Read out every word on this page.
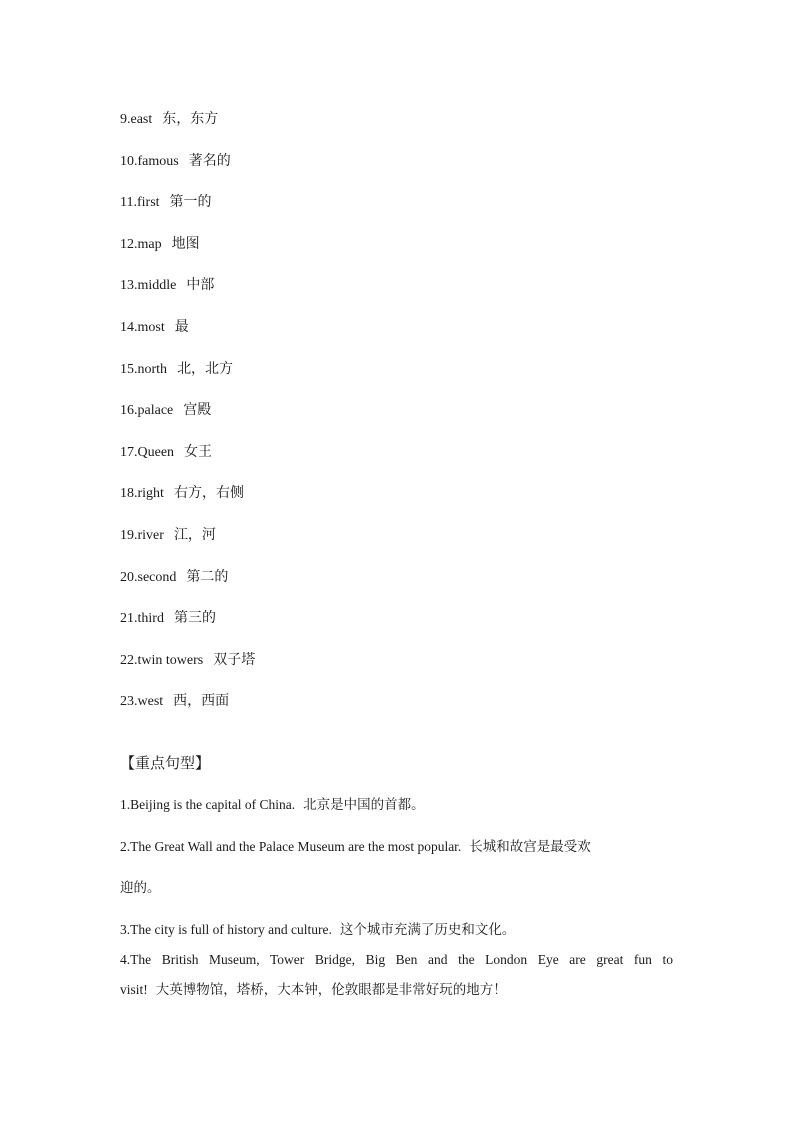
9.east 东，东方
10.famous 著名的
11.first 第一的
12.map 地图
13.middle 中部
14.most 最
15.north 北，北方
16.palace 宫殿
17.Queen 女王
18.right 右方，右侧
19.river 江，河
20.second 第二的
21.third 第三的
22.twin towers 双子塔
23.west 西，西面
【重点句型】
1.Beijing is the capital of China. 北京是中国的首都。
2.The Great Wall and the Palace Museum are the most popular. 长城和故宫是最受欢
迎的。
3.The city is full of history and culture. 这个城市充满了历史和文化。
4.The British Museum, Tower Bridge, Big Ben and the London Eye are great fun to
visit! 大英博物馆，塔桥，大本钟，伦敦眼都是非常好玩的地方！
